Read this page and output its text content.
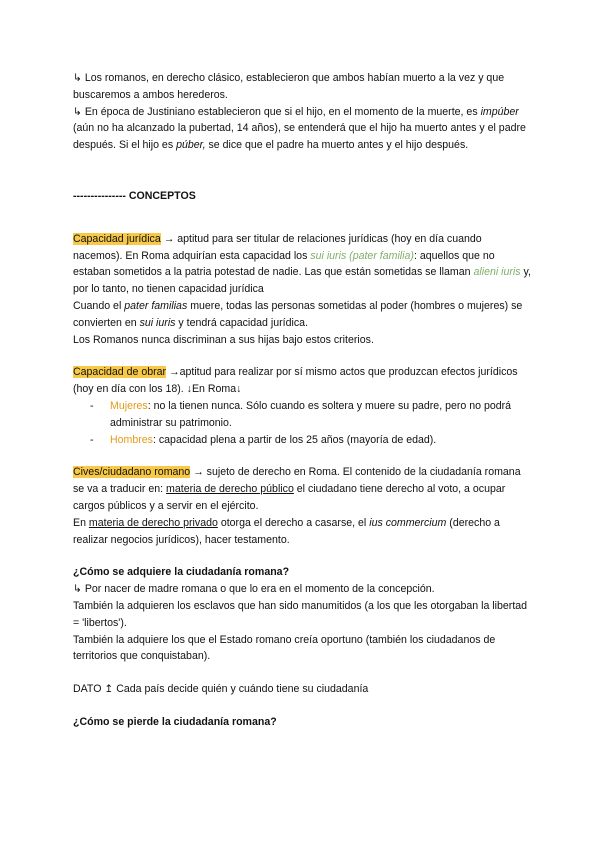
↳ Los romanos, en derecho clásico, establecieron que ambos habían muerto a la vez y que buscaremos a ambos herederos.

↳ En época de Justiniano establecieron que si el hijo, en el momento de la muerte, es impúber (aún no ha alcanzado la pubertad, 14 años), se entenderá que el hijo ha muerto antes y el padre después. Si el hijo es púber, se dice que el padre ha muerto antes y el hijo después.

--------------- CONCEPTOS

Capacidad jurídica → aptitud para ser titular de relaciones jurídicas (hoy en día cuando nacemos). En Roma adquirían esta capacidad los sui iuris (pater familia): aquellos que no estaban sometidos a la patria potestad de nadie. Las que están sometidas se llaman alieni iuris y, por lo tanto, no tienen capacidad jurídica

Cuando el pater familias muere, todas las personas sometidas al poder (hombres o mujeres) se convierten en sui iuris y tendrá capacidad jurídica.

Los Romanos nunca discriminan a sus hijas bajo estos criterios.

Capacidad de obrar →aptitud para realizar por sí mismo actos que produzcan efectos jurídicos (hoy en día con los 18). ↓En Roma↓

- Mujeres: no la tienen nunca. Sólo cuando es soltera y muere su padre, pero no podrá administrar su patrimonio.
- Hombres: capacidad plena a partir de los 25 años (mayoría de edad).

Cives/ciudadano romano → sujeto de derecho en Roma. El contenido de la ciudadanía romana se va a traducir en: materia de derecho público el ciudadano tiene derecho al voto, a ocupar cargos públicos y a servir en el ejército.

En materia de derecho privado otorga el derecho a casarse, el ius commercium (derecho a realizar negocios jurídicos), hacer testamento.

¿Cómo se adquiere la ciudadanía romana?

↳ Por nacer de madre romana o que lo era en el momento de la concepción.

También la adquieren los esclavos que han sido manumitidos (a los que les otorgaban la libertad = 'libertos').

También la adquiere los que el Estado romano creía oportuno (también los ciudadanos de territorios que conquistaban).

DATO ↥ Cada país decide quién y cuándo tiene su ciudadanía

¿Cómo se pierde la ciudadanía romana?
